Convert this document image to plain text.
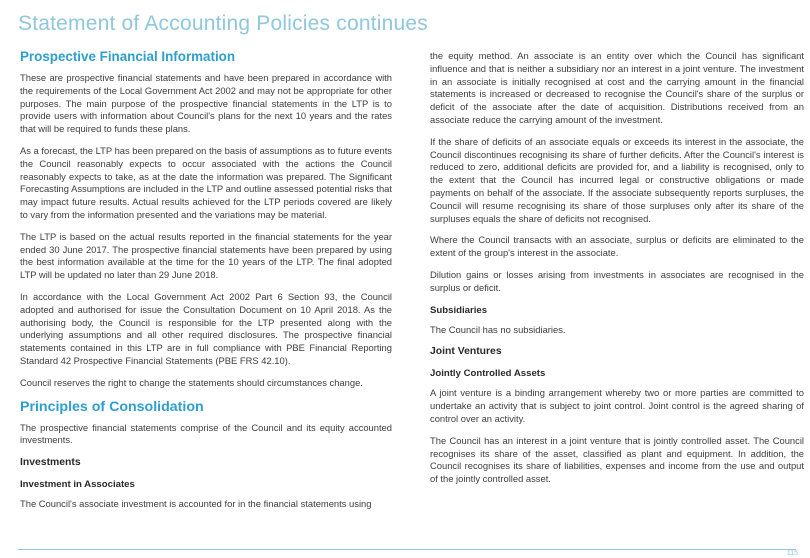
Statement of Accounting Policies continues
Prospective Financial Information

These are prospective financial statements and have been prepared in accordance with the requirements of the Local Government Act 2002 and may not be appropriate for other purposes. The main purpose of the prospective financial statements in the LTP is to provide users with information about Council's plans for the next 10 years and the rates that will be required to funds these plans.

As a forecast, the LTP has been prepared on the basis of assumptions as to future events the Council reasonably expects to occur associated with the actions the Council reasonably expects to take, as at the date the information was prepared. The Significant Forecasting Assumptions are included in the LTP and outline assessed potential risks that may impact future results. Actual results achieved for the LTP periods covered are likely to vary from the information presented and the variations may be material.

The LTP is based on the actual results reported in the financial statements for the year ended 30 June 2017. The prospective financial statements have been prepared by using the best information available at the time for the 10 years of the LTP. The final adopted LTP will be updated no later than 29 June 2018.

In accordance with the Local Government Act 2002 Part 6 Section 93, the Council adopted and authorised for issue the Consultation Document on 10 April 2018. As the authorising body, the Council is responsible for the LTP presented along with the underlying assumptions and all other required disclosures. The prospective financial statements contained in this LTP are in full compliance with PBE Financial Reporting Standard 42 Prospective Financial Statements (PBE FRS 42.10).

Council reserves the right to change the statements should circumstances change.

Principles of Consolidation

The prospective financial statements comprise of the Council and its equity accounted investments.

Investments
Investment in Associates

The Council's associate investment is accounted for in the financial statements using

the equity method. An associate is an entity over which the Council has significant influence and that is neither a subsidiary nor an interest in a joint venture. The investment in an associate is initially recognised at cost and the carrying amount in the financial statements is increased or decreased to recognise the Council's share of the surplus or deficit of the associate after the date of acquisition. Distributions received from an associate reduce the carrying amount of the investment.

If the share of deficits of an associate equals or exceeds its interest in the associate, the Council discontinues recognising its share of further deficits. After the Council's interest is reduced to zero, additional deficits are provided for, and a liability is recognised, only to the extent that the Council has incurred legal or constructive obligations or made payments on behalf of the associate. If the associate subsequently reports surpluses, the Council will resume recognising its share of those surpluses only after its share of the surpluses equals the share of deficits not recognised.

Where the Council transacts with an associate, surplus or deficits are eliminated to the extent of the group's interest in the associate.

Dilution gains or losses arising from investments in associates are recognised in the surplus or deficit.

Subsidiaries

The Council has no subsidiaries.

Joint Ventures
Jointly Controlled Assets

A joint venture is a binding arrangement whereby two or more parties are committed to undertake an activity that is subject to joint control. Joint control is the agreed sharing of control over an activity.

The Council has an interest in a joint venture that is jointly controlled asset. The Council recognises its share of the asset, classified as plant and equipment. In addition, the Council recognises its share of liabilities, expenses and income from the use and output of the jointly controlled asset.

115
